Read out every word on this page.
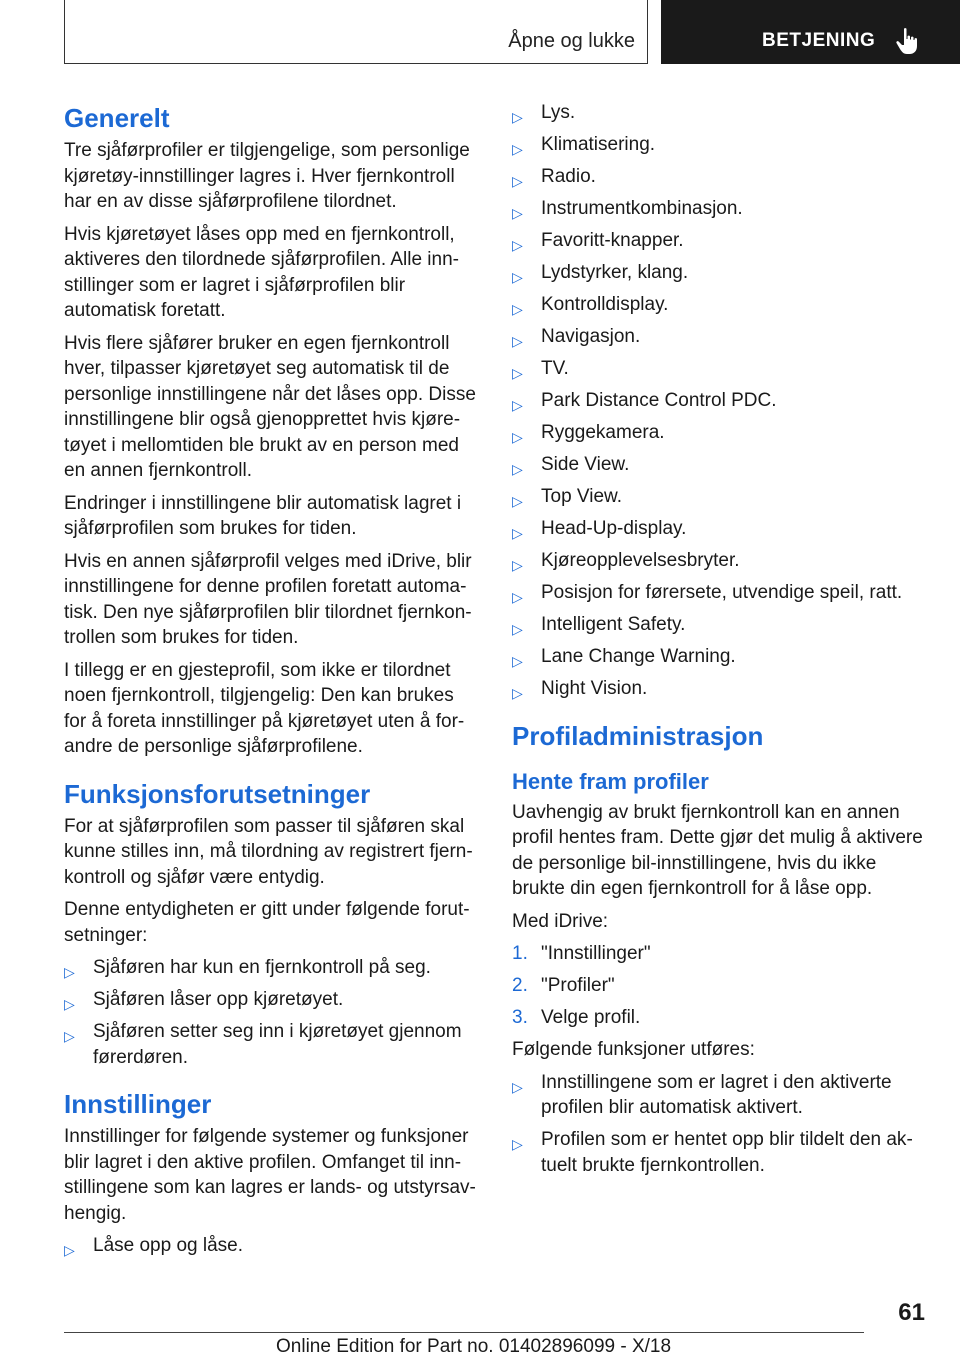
Åpne og lukke	BETJENING
Generelt

Tre sjåførprofiler er tilgjengelige, som personlige kjøretøy-innstillinger lagres i. Hver fjernkontroll har en av disse sjåførprofilene tilordnet.

Hvis kjøretøyet låses opp med en fjernkontroll, aktiveres den tilordnede sjåførprofilen. Alle innstillinger som er lagret i sjåførprofilen blir automatisk foretatt.

Hvis flere sjåfører bruker en egen fjernkontroll hver, tilpasser kjøretøyet seg automatisk til de personlige innstillingene når det låses opp. Disse innstillingene blir også gjenopprettet hvis kjøretøyet i mellomtiden ble brukt av en person med en annen fjernkontroll.

Endringer i innstillingene blir automatisk lagret i sjåførprofilen som brukes for tiden.

Hvis en annen sjåførprofil velges med iDrive, blir innstillingene for denne profilen foretatt automatisk. Den nye sjåførprofilen blir tilordnet fjernkontrollen som brukes for tiden.

I tillegg er en gjesteprofil, som ikke er tilordnet noen fjernkontroll, tilgjengelig: Den kan brukes for å foreta innstillinger på kjøretøyet uten å forandre de personlige sjåførprofilene.

Funksjonsforutsetninger

For at sjåførprofilen som passer til sjåføren skal kunne stilles inn, må tilordning av registrert fjernkontroll og sjåfør være entydig.

Denne entydigheten er gitt under følgende forutsetninger:

▷ Sjåføren har kun en fjernkontroll på seg.
▷ Sjåføren låser opp kjøretøyet.
▷ Sjåføren setter seg inn i kjøretøyet gjennom førerdøren.
Innstillinger

Innstillinger for følgende systemer og funksjoner blir lagret i den aktive profilen. Omfanget til innstillingene som kan lagres er lands- og utstyrsavhengig.

▷ Låse opp og låse.
▷ Lys.
▷ Klimatisering.
▷ Radio.
▷ Instrumentkombinasjon.
▷ Favoritt-knapper.
▷ Lydstyrker, klang.
▷ Kontrolldisplay.
▷ Navigasjon.
▷ TV.
▷ Park Distance Control PDC.
▷ Ryggekamera.
▷ Side View.
▷ Top View.
▷ Head-Up-display.
▷ Kjøreopplevelsesbryter.
▷ Posisjon for førersete, utvendige speil, ratt.
▷ Intelligent Safety.
▷ Lane Change Warning.
▷ Night Vision.
Profiladministrasjon
Hente fram profiler

Uavhengig av brukt fjernkontroll kan en annen profil hentes fram. Dette gjør det mulig å aktivere de personlige bil-innstillingene, hvis du ikke brukte din egen fjernkontroll for å låse opp.

Med iDrive:

1. "Innstillinger"
2. "Profiler"
3. Velge profil.

Følgende funksjoner utføres:

▷ Innstillingene som er lagret i den aktiverte profilen blir automatisk aktivert.
▷ Profilen som er hentet opp blir tildelt den aktuelt brukte fjernkontrollen.
61
Online Edition for Part no. 01402896099 - X/18
